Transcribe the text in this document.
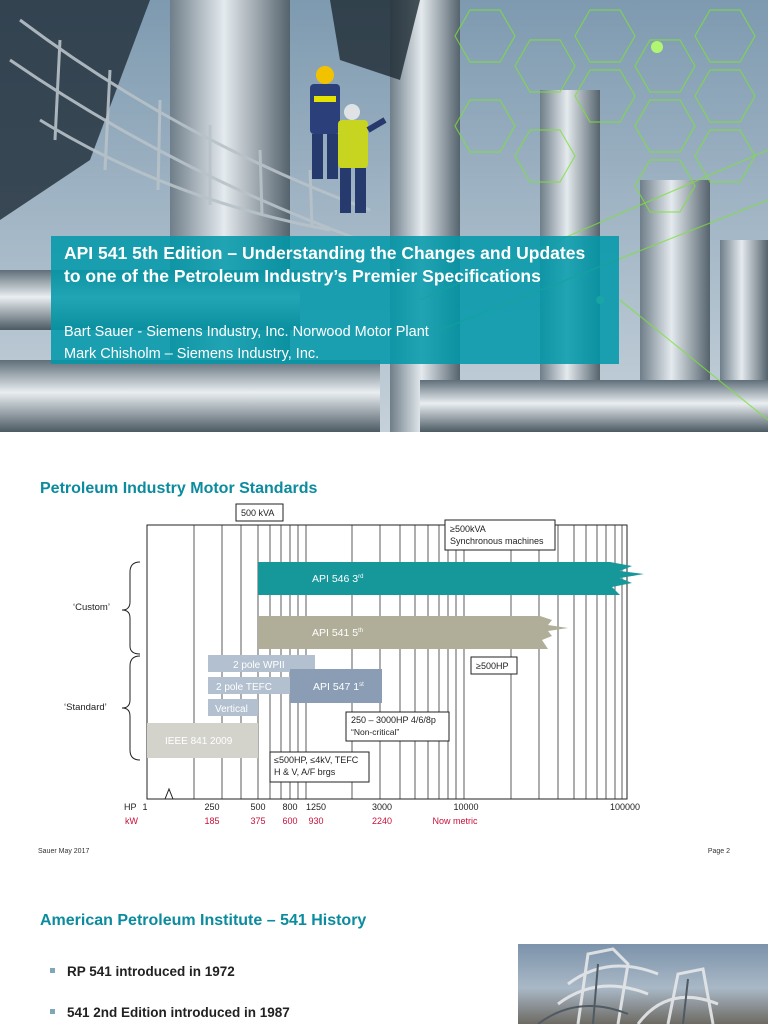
API 541 5th Edition – Understanding the Changes and Updates to one of the Petroleum Industry’s Premier Specifications
Bart Sauer - Siemens Industry, Inc. Norwood Motor Plant
Mark Chisholm – Siemens Industry, Inc.
Petroleum Industry Motor Standards
API 546 3rd
API 541 5th
2 pole WPII
API 547 1st
2 pole TEFC
Vertical
IEEE 841 2009
500 kVA
≥500kVA
Synchronous machines
≥500HP
250 – 3000HP 4/6/8p
“Non-critical”
≤500HP, ≤4kV, TEFC
H & V, A/F brgs
‘Custom’
‘Standard’
HP
kW
1	250	500 800 1250	3000	10000	100000
185	375 600 930	2240	Now metric
Sauer May 2017	Page 2
American Petroleum Institute – 541 History
RP 541 introduced in 1972
541 2nd Edition introduced in 1987
